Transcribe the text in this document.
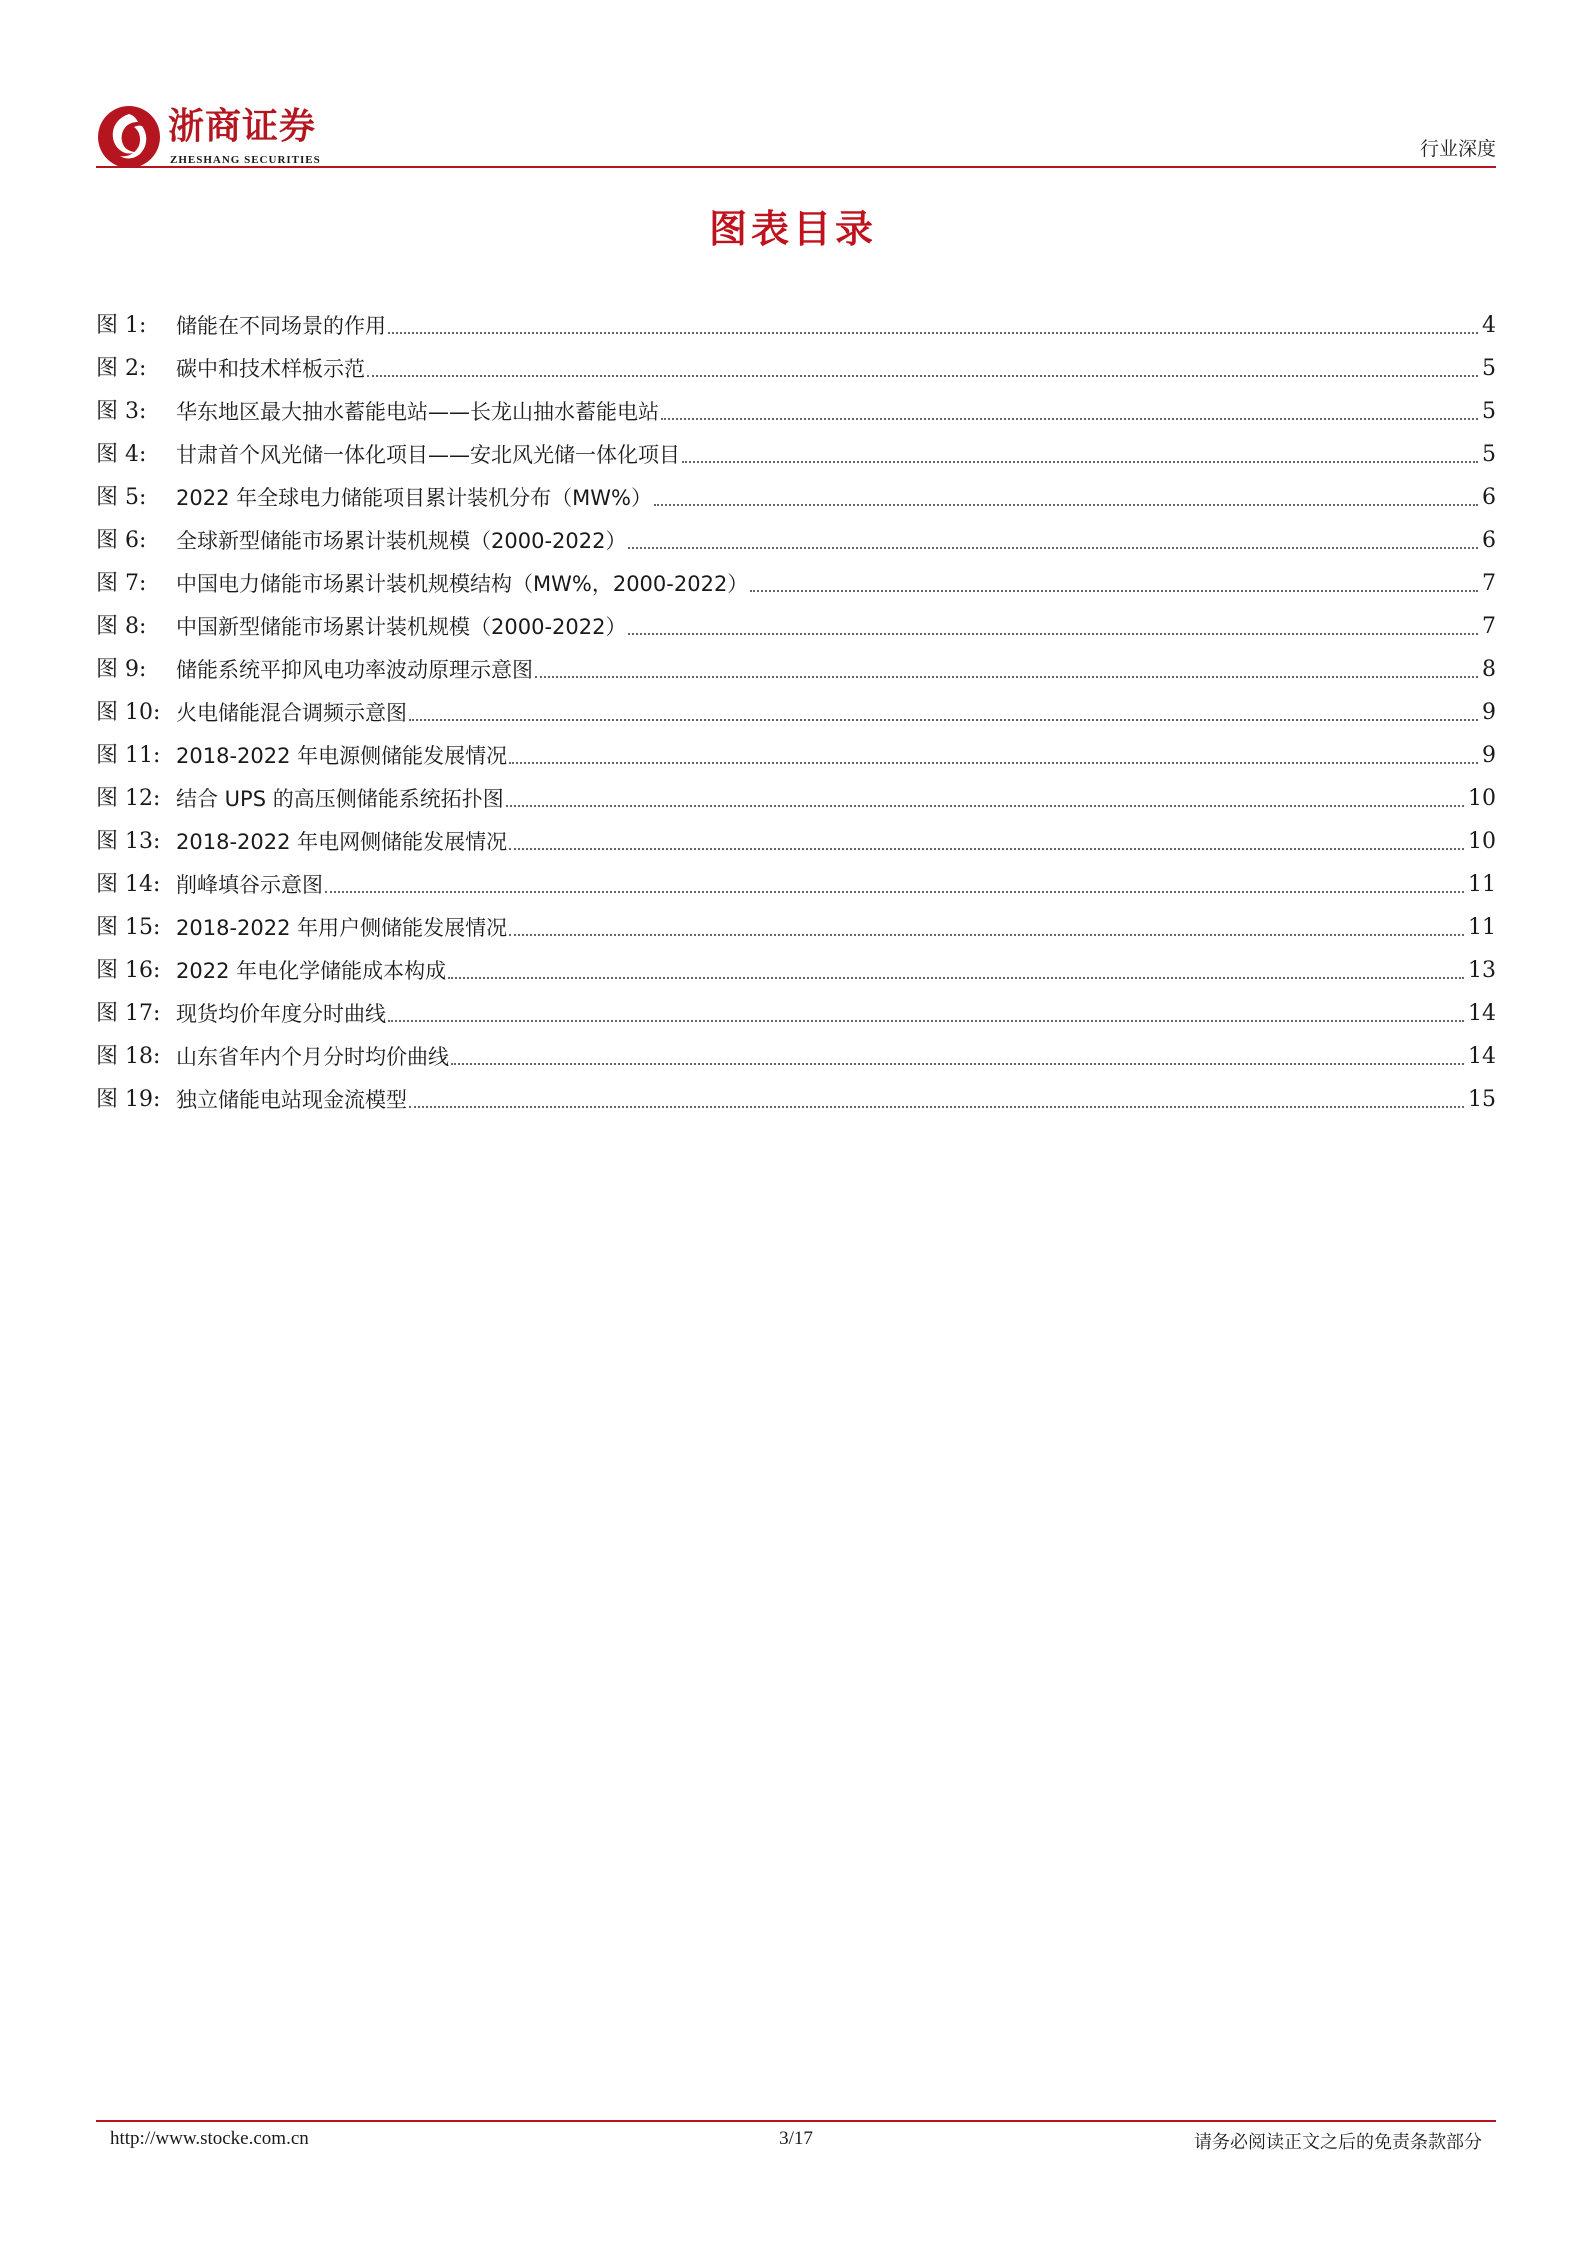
浙商证券
ZHESHANG SECURITIES	行业深度
图表目录
图 1:	储能在不同场景的作用	4
图 2:	碳中和技术样板示范	5
图 3:	华东地区最大抽水蓄能电站——长龙山抽水蓄能电站	5
图 4:	甘肃首个风光储一体化项目——安北风光储一体化项目	5
图 5:	2022 年全球电力储能项目累计装机分布（MW%）	6
图 6:	全球新型储能市场累计装机规模（2000-2022）	6
图 7:	中国电力储能市场累计装机规模结构（MW%，2000-2022）	7
图 8:	中国新型储能市场累计装机规模（2000-2022）	7
图 9:	储能系统平抑风电功率波动原理示意图	8
图 10: 火电储能混合调频示意图	9
图 11: 2018-2022 年电源侧储能发展情况	9
图 12: 结合 UPS 的高压侧储能系统拓扑图	10
图 13: 2018-2022 年电网侧储能发展情况	10
图 14: 削峰填谷示意图	11
图 15: 2018-2022 年用户侧储能发展情况	11
图 16: 2022 年电化学储能成本构成	13
图 17: 现货均价年度分时曲线	14
图 18: 山东省年内个月分时均价曲线	14
图 19: 独立储能电站现金流模型	15
http://www.stocke.com.cn	3/17	请务必阅读正文之后的免责条款部分
